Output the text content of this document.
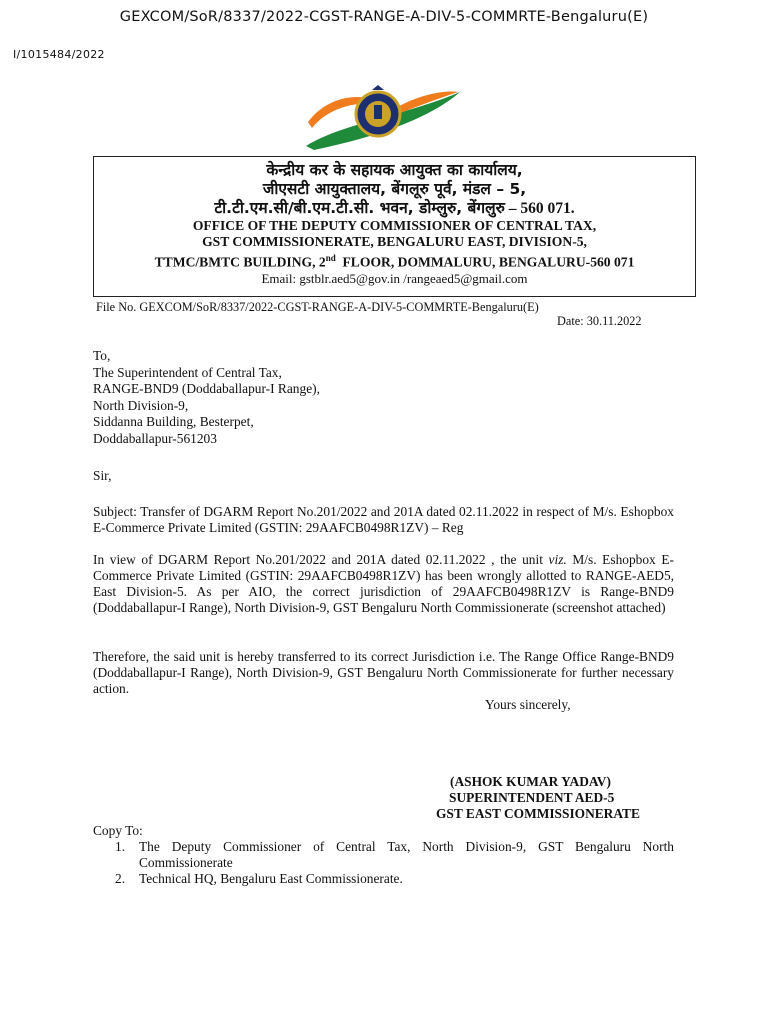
GEXCOM/SoR/8337/2022-CGST-RANGE-A-DIV-5-COMMRTE-Bengaluru(E)
I/1015484/2022
केन्द्रीय कर के सहायक आयुक्त का कार्यालय,
जीएसटी आयुक्तालय, बेंगलूरु पूर्व, मंडल – 5,
टी.टी.एम.सी/बी.एम.टी.सी. भवन, डोम्लुरु, बेंगलुरु – 560 071.
OFFICE OF THE DEPUTY COMMISSIONER OF CENTRAL TAX,
GST COMMISSIONERATE, BENGALURU EAST, DIVISION-5,
TTMC/BMTC BUILDING, 2nd  FLOOR, DOMMALURU, BENGALURU-560 071
Email: gstblr.aed5@gov.in /rangeaed5@gmail.com
File No. GEXCOM/SoR/8337/2022-CGST-RANGE-A-DIV-5-COMMRTE-Bengaluru(E)
Date: 30.11.2022
To,
The Superintendent of Central Tax,
RANGE-BND9 (Doddaballapur-I Range),
North Division-9,
Siddanna Building, Besterpet,
Doddaballapur-561203
Sir,
Subject: Transfer of DGARM Report No.201/2022 and 201A dated 02.11.2022 in respect of M/s. Eshopbox E-Commerce Private Limited (GSTIN: 29AAFCB0498R1ZV) – Reg
In view of DGARM Report No.201/2022 and 201A dated 02.11.2022 , the unit viz. M/s. Eshopbox E-Commerce Private Limited (GSTIN: 29AAFCB0498R1ZV) has been wrongly allotted to RANGE-AED5, East Division-5. As per AIO, the correct jurisdiction of 29AAFCB0498R1ZV is Range-BND9 (Doddaballapur-I Range), North Division-9, GST Bengaluru North Commissionerate (screenshot attached)
Therefore, the said unit is hereby transferred to its correct Jurisdiction i.e. The Range Office Range-BND9 (Doddaballapur-I Range), North Division-9, GST Bengaluru North Commissionerate for further necessary action.
Yours sincerely,
(ASHOK KUMAR YADAV)
SUPERINTENDENT AED-5
GST EAST COMMISSIONERATE
Copy To:
1. The Deputy Commissioner of Central Tax, North Division-9, GST Bengaluru North Commissionerate
2. Technical HQ, Bengaluru East Commissionerate.
